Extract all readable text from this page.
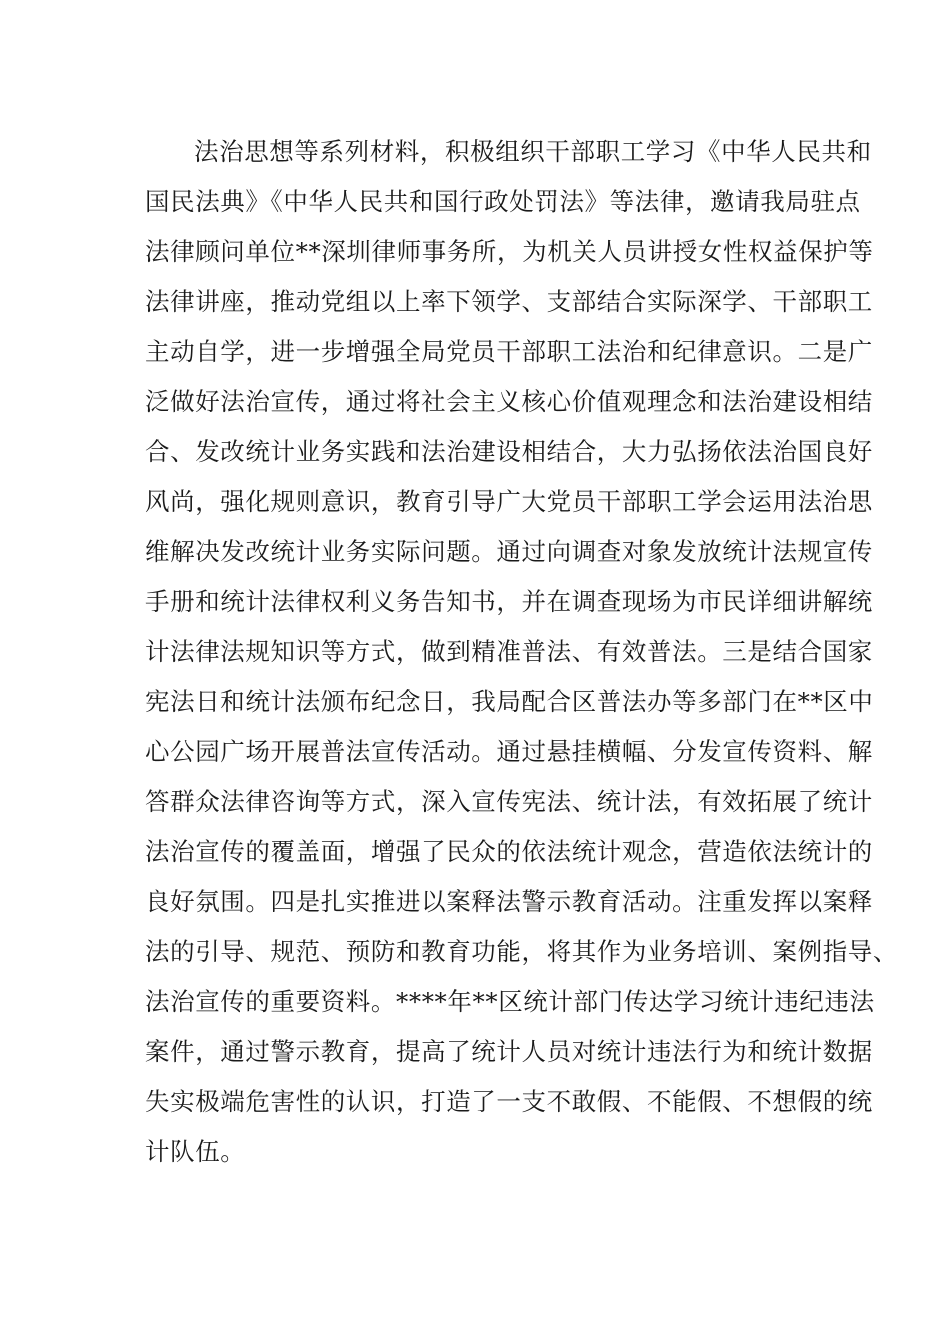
法治思想等系列材料，积极组织干部职工学习《中华人民共和

国民法典》《中华人民共和国行政处罚法》等法律，邀请我局驻点

法律顾问单位**深圳律师事务所，为机关人员讲授女性权益保护等

法律讲座，推动党组以上率下领学、支部结合实际深学、干部职工

主动自学，进一步增强全局党员干部职工法治和纪律意识。二是广

泛做好法治宣传，通过将社会主义核心价值观理念和法治建设相结

合、发改统计业务实践和法治建设相结合，大力弘扬依法治国良好

风尚，强化规则意识，教育引导广大党员干部职工学会运用法治思

维解决发改统计业务实际问题。通过向调查对象发放统计法规宣传

手册和统计法律权利义务告知书，并在调查现场为市民详细讲解统

计法律法规知识等方式，做到精准普法、有效普法。三是结合国家

宪法日和统计法颁布纪念日，我局配合区普法办等多部门在**区中

心公园广场开展普法宣传活动。通过悬挂横幅、分发宣传资料、解

答群众法律咨询等方式，深入宣传宪法、统计法，有效拓展了统计

法治宣传的覆盖面，增强了民众的依法统计观念，营造依法统计的

良好氛围。四是扎实推进以案释法警示教育活动。注重发挥以案释

法的引导、规范、预防和教育功能，将其作为业务培训、案例指导、

法治宣传的重要资料。****年**区统计部门传达学习统计违纪违法

案件，通过警示教育，提高了统计人员对统计违法行为和统计数据

失实极端危害性的认识，打造了一支不敢假、不能假、不想假的统

计队伍。
